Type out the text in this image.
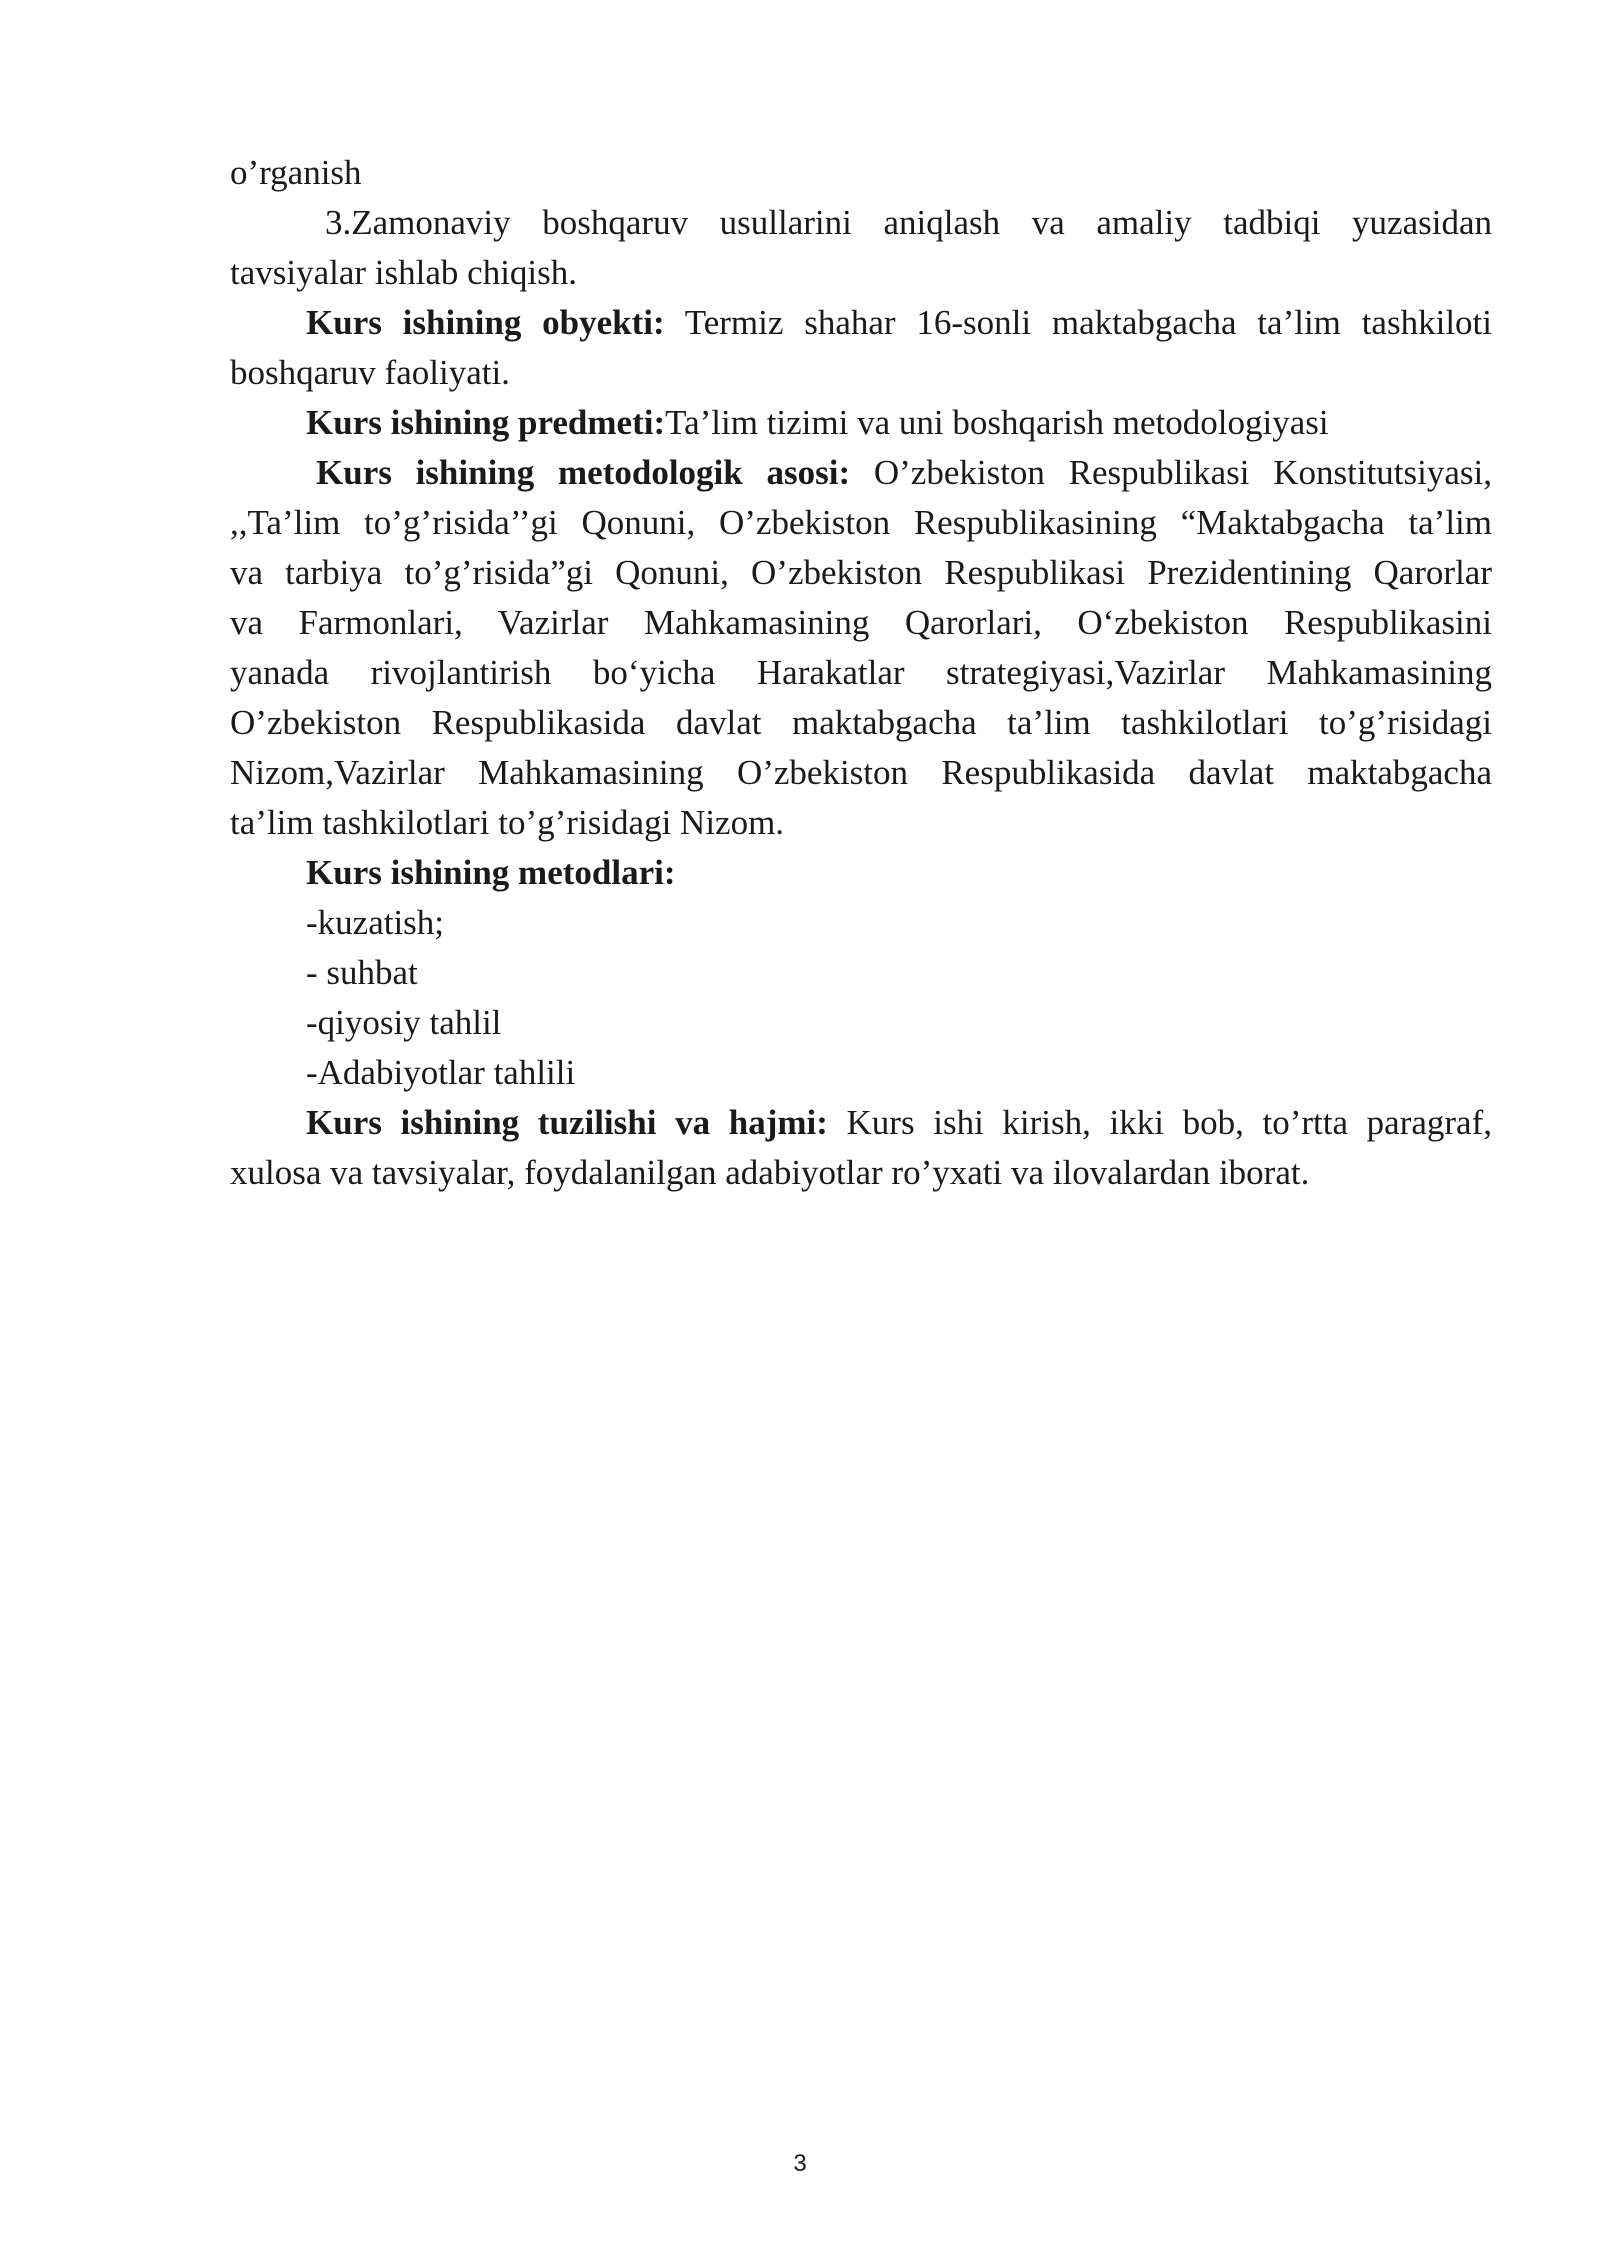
o’rganish

3.Zamonaviy boshqaruv usullarini aniqlash va amaliy tadbiqi yuzasidan

tavsiyalar ishlab chiqish.

Kurs ishining obyekti: Termiz shahar 16-sonli maktabgacha ta’lim tashkiloti

boshqaruv faoliyati.

Kurs ishining predmeti:Ta’lim tizimi va uni boshqarish metodologiyasi

Kurs ishining metodologik asosi: O’zbekiston Respublikasi Konstitutsiyasi,

,,Ta’lim to’g’risida’’gi Qonuni, O’zbekiston Respublikasining “Maktabgacha ta’lim

va tarbiya to’g’risida”gi Qonuni, O’zbekiston Respublikasi Prezidentining Qarorlar

va Farmonlari, Vazirlar Mahkamasining Qarorlari, O‘zbekiston Respublikasini

yanada rivojlantirish bo‘yicha Harakatlar strategiyasi,Vazirlar Mahkamasining

O’zbekiston Respublikasida davlat maktabgacha ta’lim tashkilotlari to’g’risidagi

Nizom,Vazirlar Mahkamasining O’zbekiston Respublikasida davlat maktabgacha

ta’lim tashkilotlari to’g’risidagi Nizom.

Kurs ishining metodlari:

-kuzatish;

- suhbat

-qiyosiy tahlil

-Adabiyotlar tahlili

Kurs ishining tuzilishi va hajmi: Kurs ishi kirish, ikki bob, to’rtta paragraf,

xulosa va tavsiyalar, foydalanilgan adabiyotlar ro’yxati va ilovalardan iborat.

3
